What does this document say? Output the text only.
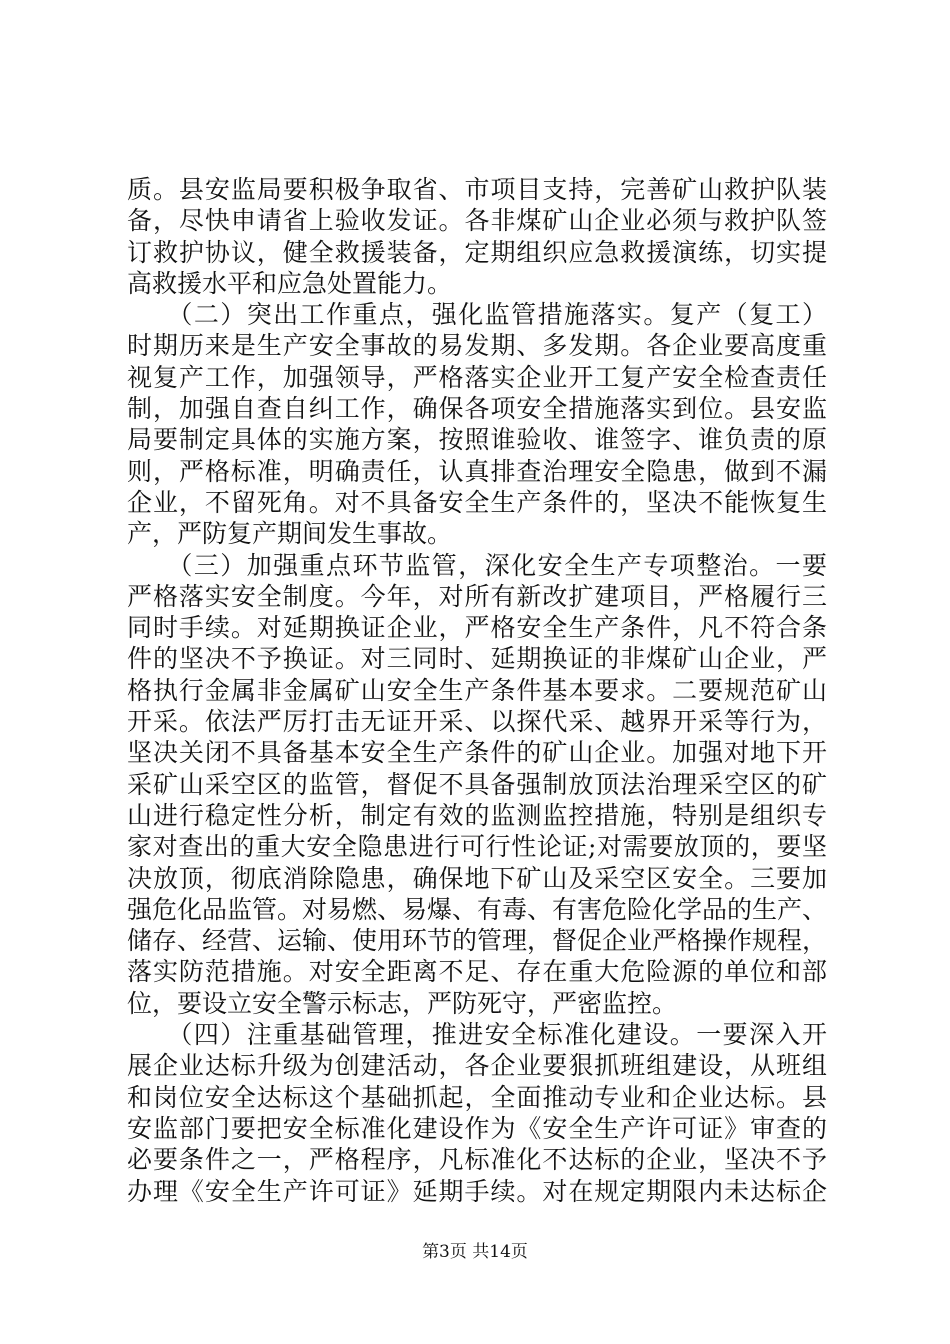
质。县安监局要积极争取省、市项目支持，完善矿山救护队装
备，尽快申请省上验收发证。各非煤矿山企业必须与救护队签
订救护协议，健全救援装备，定期组织应急救援演练，切实提
高救援水平和应急处置能力。
　　（二）突出工作重点，强化监管措施落实。复产（复工）
时期历来是生产安全事故的易发期、多发期。各企业要高度重
视复产工作，加强领导，严格落实企业开工复产安全检查责任
制，加强自查自纠工作，确保各项安全措施落实到位。县安监
局要制定具体的实施方案，按照谁验收、谁签字、谁负责的原
则，严格标准，明确责任，认真排查治理安全隐患，做到不漏
企业，不留死角。对不具备安全生产条件的，坚决不能恢复生
产，严防复产期间发生事故。
　　（三）加强重点环节监管，深化安全生产专项整治。一要
严格落实安全制度。今年，对所有新改扩建项目，严格履行三
同时手续。对延期换证企业，严格安全生产条件，凡不符合条
件的坚决不予换证。对三同时、延期换证的非煤矿山企业，严
格执行金属非金属矿山安全生产条件基本要求。二要规范矿山
开采。依法严厉打击无证开采、以探代采、越界开采等行为，
坚决关闭不具备基本安全生产条件的矿山企业。加强对地下开
采矿山采空区的监管，督促不具备强制放顶法治理采空区的矿
山进行稳定性分析，制定有效的监测监控措施，特别是组织专
家对查出的重大安全隐患进行可行性论证;对需要放顶的，要坚
决放顶，彻底消除隐患，确保地下矿山及采空区安全。三要加
强危化品监管。对易燃、易爆、有毒、有害危险化学品的生产、
储存、经营、运输、使用环节的管理，督促企业严格操作规程，
落实防范措施。对安全距离不足、存在重大危险源的单位和部
位，要设立安全警示标志，严防死守，严密监控。
　　（四）注重基础管理，推进安全标准化建设。一要深入开
展企业达标升级为创建活动，各企业要狠抓班组建设，从班组
和岗位安全达标这个基础抓起，全面推动专业和企业达标。县
安监部门要把安全标准化建设作为《安全生产许可证》审查的
必要条件之一，严格程序，凡标准化不达标的企业，坚决不予
办理《安全生产许可证》延期手续。对在规定期限内未达标企
第3页 共14页
